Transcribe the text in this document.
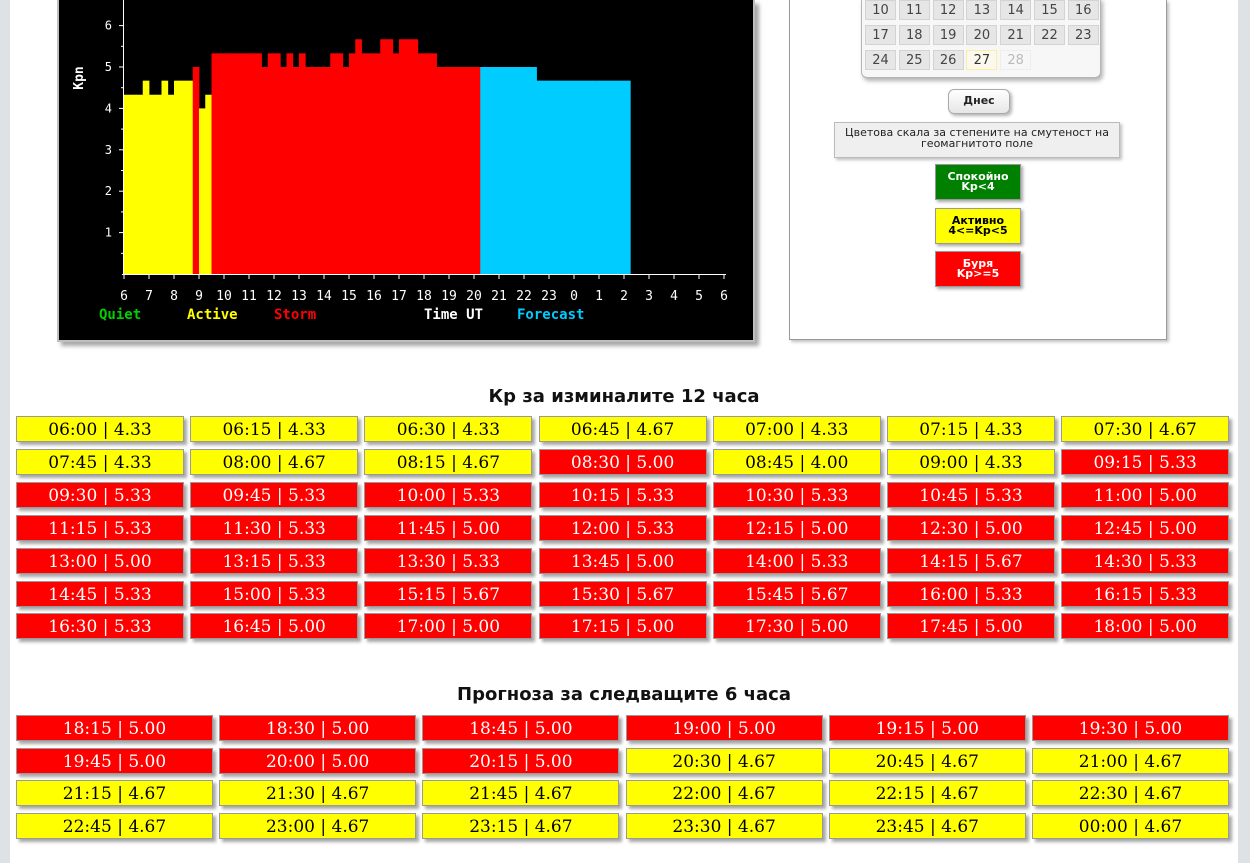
1
2
3
4
5
6
6 7 8 9 10 11 12 13 14 15 16 17 18 19 20 21 22 23 0 1 2 3 4 5 6
Kpn
Quiet	Active	Storm	Time UT Forecast
10	11	12	13	14	15	16
17	18	19	20	21	22	23
24	25	26	27	28
Днес
Цветова скала за степените на смутеност на геомагнитото поле
Спокойно
Kp<4
Активно
4<=Kp<5
Буря
Kp>=5
Кр за изминалите 12 часа
06:00 | 4.33	06:15 | 4.33	06:30 | 4.33	06:45 | 4.67	07:00 | 4.33	07:15 | 4.33	07:30 | 4.67
07:45 | 4.33	08:00 | 4.67	08:15 | 4.67	08:30 | 5.00	08:45 | 4.00	09:00 | 4.33	09:15 | 5.33
09:30 | 5.33	09:45 | 5.33	10:00 | 5.33	10:15 | 5.33	10:30 | 5.33	10:45 | 5.33	11:00 | 5.00
11:15 | 5.33	11:30 | 5.33	11:45 | 5.00	12:00 | 5.33	12:15 | 5.00	12:30 | 5.00	12:45 | 5.00
13:00 | 5.00	13:15 | 5.33	13:30 | 5.33	13:45 | 5.00	14:00 | 5.33	14:15 | 5.67	14:30 | 5.33
14:45 | 5.33	15:00 | 5.33	15:15 | 5.67	15:30 | 5.67	15:45 | 5.67	16:00 | 5.33	16:15 | 5.33
16:30 | 5.33	16:45 | 5.00	17:00 | 5.00	17:15 | 5.00	17:30 | 5.00	17:45 | 5.00	18:00 | 5.00
Прогноза за следващите 6 часа
18:15 | 5.00	18:30 | 5.00	18:45 | 5.00	19:00 | 5.00	19:15 | 5.00	19:30 | 5.00
19:45 | 5.00	20:00 | 5.00	20:15 | 5.00	20:30 | 4.67	20:45 | 4.67	21:00 | 4.67
21:15 | 4.67	21:30 | 4.67	21:45 | 4.67	22:00 | 4.67	22:15 | 4.67	22:30 | 4.67
22:45 | 4.67	23:00 | 4.67	23:15 | 4.67	23:30 | 4.67	23:45 | 4.67	00:00 | 4.67
